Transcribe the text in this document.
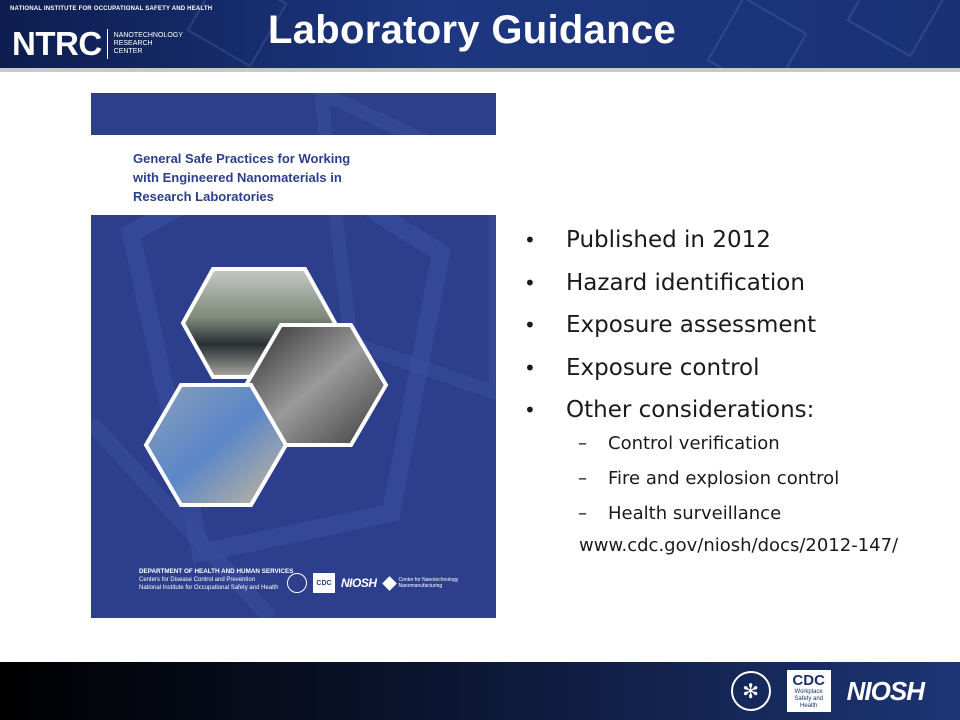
NATIONAL INSTITUTE FOR OCCUPATIONAL SAFETY AND HEALTH
NTRC NANOTECHNOLOGY
RESEARCH
CENTER	Laboratory Guidance
General Safe Practices for Working
with Engineered Nanomaterials in
Research Laboratories
DEPARTMENT OF HEALTH AND HUMAN SERVICES
Centers for Disease Control and Prevention
National Institute for Occupational Safety and Health
CDC NIOSH	Center for Nanotechnology
Nanomanufacturing
• Published in 2012
• Hazard identification
• Exposure assessment
• Exposure control
• Other considerations:
– Control verification
– Fire and explosion control
– Health surveillance
www.cdc.gov/niosh/docs/2012-147/
✻	CDC
Workplace Safety and Health	NIOSH
